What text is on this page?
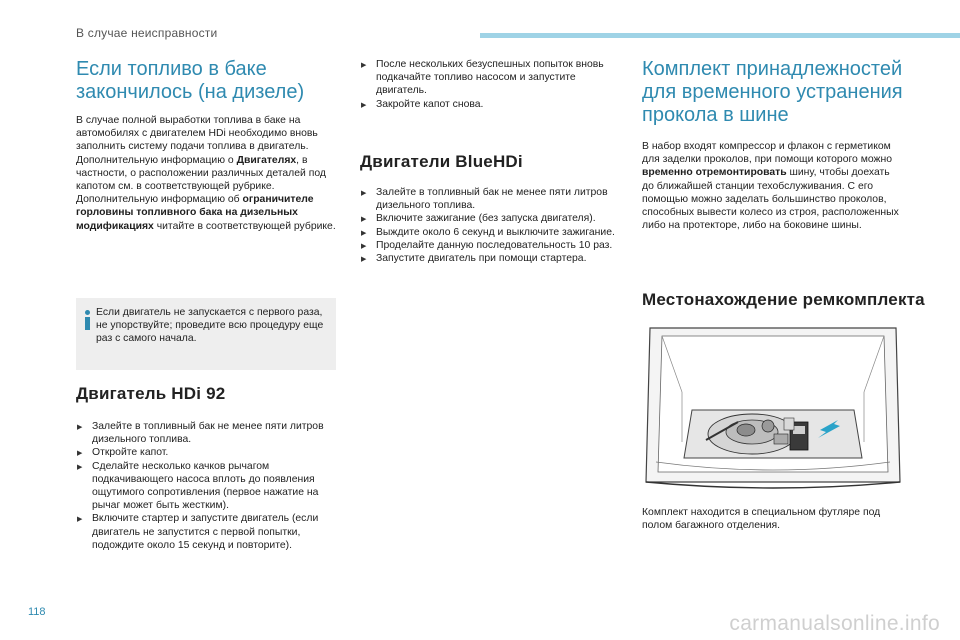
В случае неисправности
Если топливо в баке закончилось (на дизеле)

В случае полной выработки топлива в баке на автомобилях с двигателем HDi необходимо вновь заполнить систему подачи топлива в двигатель. Дополнительную информацию о Двигателях, в частности, о расположении различных деталей под капотом см. в соответствующей рубрике. Дополнительную информацию об ограничителе горловины топливного бака на дизельных модификациях читайте в соответствующей рубрике.

Если двигатель не запускается с первого раза, не упорствуйте; проведите всю процедуру еще раз с самого начала.
Двигатель HDi 92
▶ Залейте в топливный бак не менее пяти литров дизельного топлива.
▶ Откройте капот.
▶ Сделайте несколько качков рычагом подкачивающего насоса вплоть до появления ощутимого сопротивления (первое нажатие на рычаг может быть жестким).
▶ Включите стартер и запустите двигатель (если двигатель не запустится с первой попытки, подождите около 15 секунд и повторите).
▶ После нескольких безуспешных попыток вновь подкачайте топливо насосом и запустите двигатель.
▶ Закройте капот снова.
Двигатели BlueHDi
▶ Залейте в топливный бак не менее пяти литров дизельного топлива.
▶ Включите зажигание (без запуска двигателя).
▶ Выждите около 6 секунд и выключите зажигание.
▶ Проделайте данную последовательность 10 раз.
▶ Запустите двигатель при помощи стартера.
Комплект принадлежностей для временного устранения прокола в шине
В набор входят компрессор и флакон с герметиком для заделки проколов, при помощи которого можно временно отремонтировать шину, чтобы доехать до ближайшей станции техобслуживания. С его помощью можно заделать большинство проколов, способных вывести колесо из строя, расположенных либо на протекторе, либо на боковине шины.
Местонахождение ремкомплекта
Комплект находится в специальном футляре под полом багажного отделения.
118	carmanualsonline.info
